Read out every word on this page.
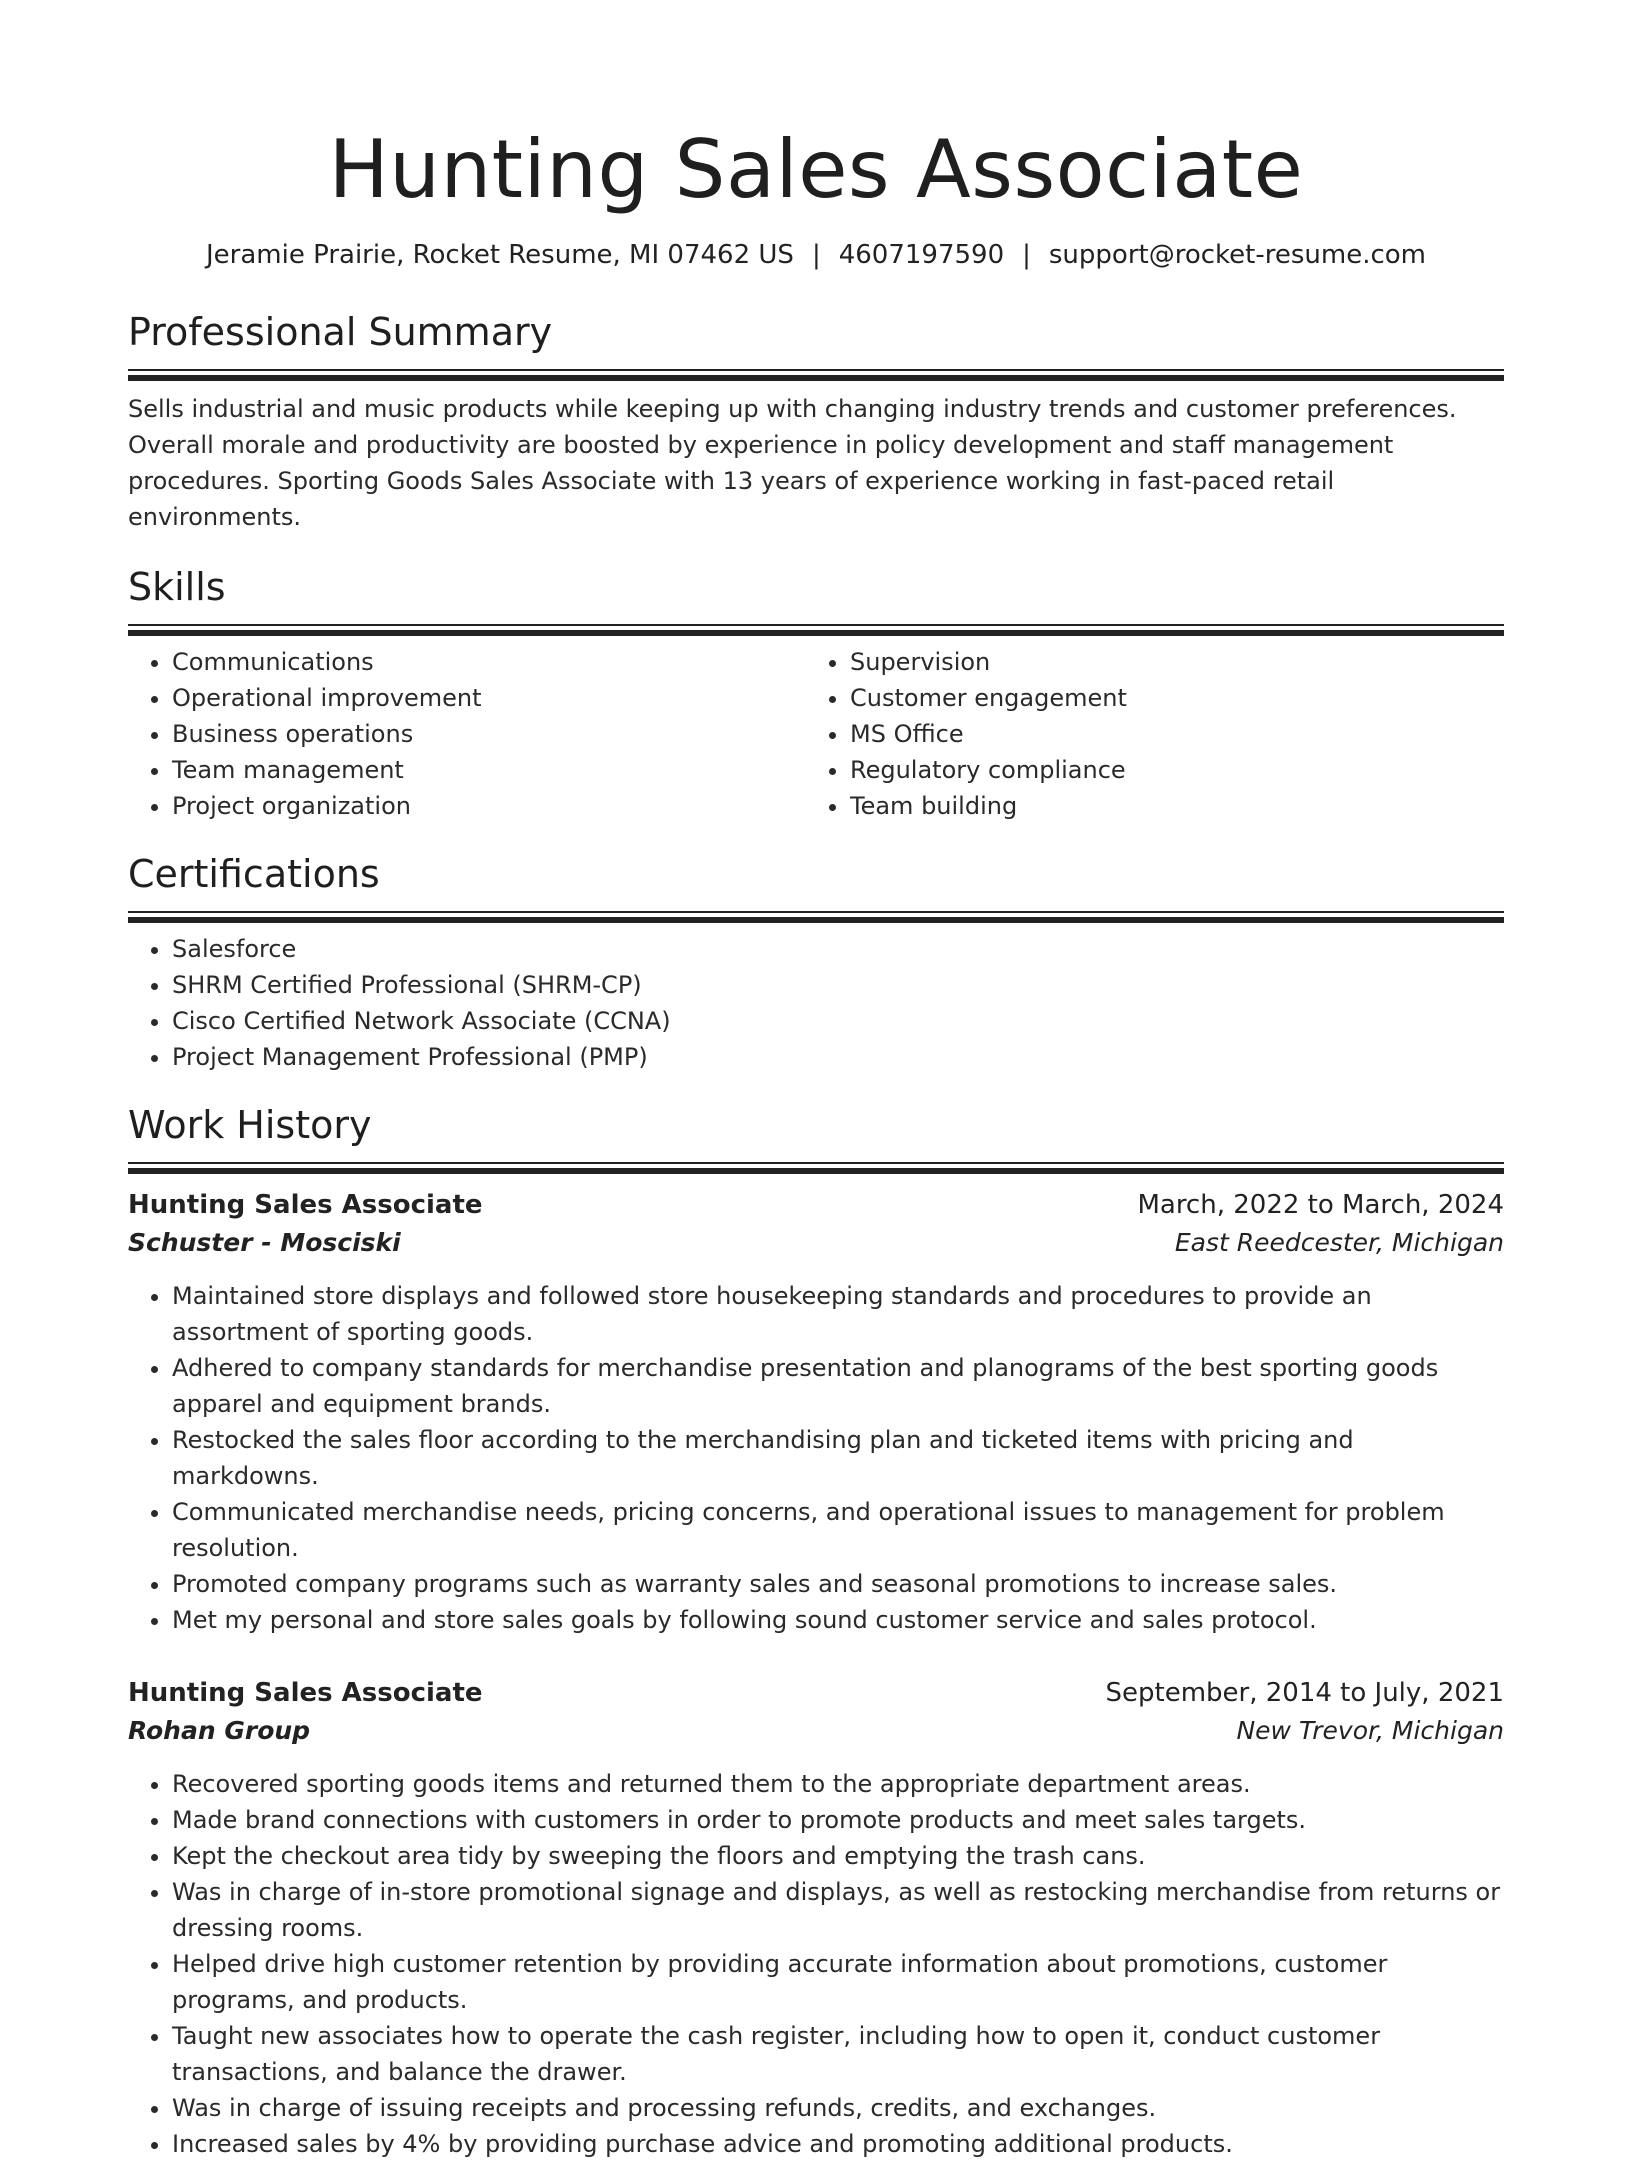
Hunting Sales Associate
Jeramie Prairie, Rocket Resume, MI 07462 US | 4607197590 | support@rocket-resume.com
Professional Summary
Sells industrial and music products while keeping up with changing industry trends and customer preferences. Overall morale and productivity are boosted by experience in policy development and staff management procedures. Sporting Goods Sales Associate with 13 years of experience working in fast-paced retail environments.
Skills
• Communications
• Operational improvement
• Business operations
• Team management
• Project organization
• Supervision
• Customer engagement
• MS Office
• Regulatory compliance
• Team building
Certifications
• Salesforce
• SHRM Certified Professional (SHRM-CP)
• Cisco Certified Network Associate (CCNA)
• Project Management Professional (PMP)
Work History
Hunting Sales Associate	March, 2022 to March, 2024
Schuster - Mosciski	East Reedcester, Michigan
• Maintained store displays and followed store housekeeping standards and procedures to provide an assortment of sporting goods.
• Adhered to company standards for merchandise presentation and planograms of the best sporting goods apparel and equipment brands.
• Restocked the sales floor according to the merchandising plan and ticketed items with pricing and markdowns.
• Communicated merchandise needs, pricing concerns, and operational issues to management for problem resolution.
• Promoted company programs such as warranty sales and seasonal promotions to increase sales.
• Met my personal and store sales goals by following sound customer service and sales protocol.
Hunting Sales Associate	September, 2014 to July, 2021
Rohan Group	New Trevor, Michigan
• Recovered sporting goods items and returned them to the appropriate department areas.
• Made brand connections with customers in order to promote products and meet sales targets.
• Kept the checkout area tidy by sweeping the floors and emptying the trash cans.
• Was in charge of in-store promotional signage and displays, as well as restocking merchandise from returns or dressing rooms.
• Helped drive high customer retention by providing accurate information about promotions, customer programs, and products.
• Taught new associates how to operate the cash register, including how to open it, conduct customer transactions, and balance the drawer.
• Was in charge of issuing receipts and processing refunds, credits, and exchanges.
• Increased sales by 4% by providing purchase advice and promoting additional products.
